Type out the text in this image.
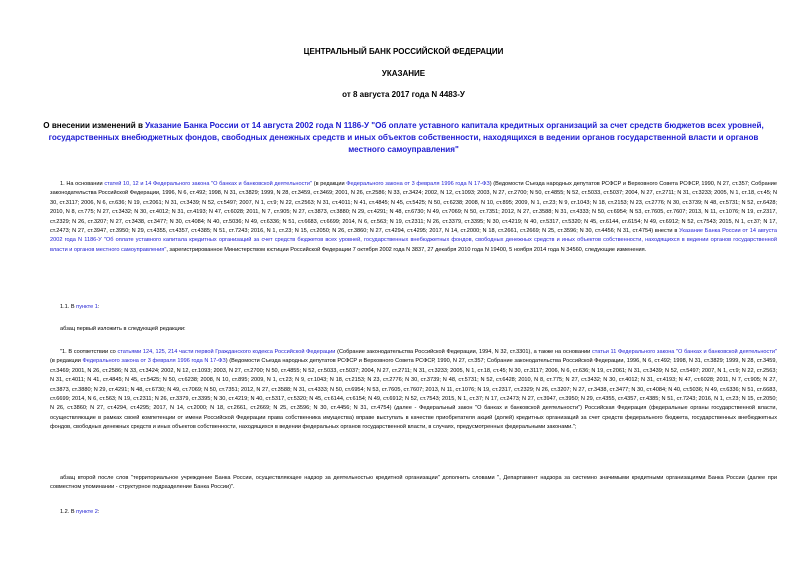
ЦЕНТРАЛЬНЫЙ БАНК РОССИЙСКОЙ ФЕДЕРАЦИИ
УКАЗАНИЕ
от 8 августа 2017 года N 4483-У
О внесении изменений в Указание Банка России от 14 августа 2002 года N 1186-У "Об оплате уставного капитала кредитных организаций за счет средств бюджетов всех уровней, государственных внебюджетных фондов, свободных денежных средств и иных объектов собственности, находящихся в ведении органов государственной власти и органов местного самоуправления"
1. На основании статей 10, 12 и 14 Федерального закона "О банках и банковской деятельности" (в редакции Федерального закона от 3 февраля 1996 года N 17-ФЗ) (Ведомости Съезда народных депутатов РСФСР и Верховного Совета РСФСР, 1990, N 27, ст.357; Собрание законодательства Российской Федерации, 1996, N 6, ст.492; 1998, N 31, ст.3829; 1999, N 28, ст.3459, ст.3469; 2001, N 26, ст.2586; N 33, ст.3424; 2002, N 12, ст.1093; 2003, N 27, ст.2700; N 50, ст.4855; N 52, ст.5033, ст.5037; 2004, N 27, ст.2711; N 31, ст.3233; 2005, N 1, ст.18, ст.45; N 30, ст.3117; 2006, N 6, ст.636; N 19, ст.2061; N 31, ст.3439; N 52, ст.5497; 2007, N 1, ст.9; N 22, ст.2563; N 31, ст.4011; N 41, ст.4845; N 45, ст.5425; N 50, ст.6238; 2008, N 10, ст.895; 2009, N 1, ст.23; N 9, ст.1043; N 18, ст.2153; N 23, ст.2776; N 30, ст.3739; N 48, ст.5731; N 52, ст.6428; 2010, N 8, ст.775; N 27, ст.3432; N 30, ст.4012; N 31, ст.4193; N 47, ст.6028; 2011, N 7, ст.905; N 27, ст.3873, ст.3880; N 29, ст.4291; N 48, ст.6730; N 49, ст.7069; N 50, ст.7351; 2012, N 27, ст.3588; N 31, ст.4333; N 50, ст.6954; N 53, ст.7605, ст.7607; 2013, N 11, ст.1076; N 19, ст.2317, ст.2329; N 26, ст.3207; N 27, ст.3438, ст.3477; N 30, ст.4084; N 40, ст.5036; N 49, ст.6336; N 51, ст.6683, ст.6699; 2014, N 6, ст.563; N 19, ст.2311; N 26, ст.3379, ст.3395; N 30, ст.4219; N 40, ст.5317, ст.5320; N 45, ст.6144, ст.6154; N 49, ст.6912; N 52, ст.7543; 2015, N 1, ст.37; N 17, ст.2473; N 27, ст.3947, ст.3950; N 29, ст.4355, ст.4357, ст.4385; N 51, ст.7243; 2016, N 1, ст.23; N 15, ст.2050; N 26, ст.3860; N 27, ст.4294, ст.4295; 2017, N 14, ст.2000; N 18, ст.2661, ст.2669; N 25, ст.3596; N 30, ст.4456; N 31, ст.4754) внести в Указание Банка России от 14 августа 2002 года N 1186-У "Об оплате уставного капитала кредитных организаций за счет средств бюджетов всех уровней, государственных внебюджетных фондов, свободных денежных средств и иных объектов собственности, находящихся в ведении органов государственной власти и органов местного самоуправления", зарегистрированное Министерством юстиции Российской Федерации 7 октября 2002 года N 3837, 27 декабря 2010 года N 19400, 5 ноября 2014 года N 34560, следующие изменения.
1.1. В пункте 1:
абзац первый изложить в следующей редакции:
"1. В соответствии со статьями 124, 125, 214 части первой Гражданского кодекса Российской Федерации (Собрание законодательства Российской Федерации, 1994, N 32, ст.3301), а также на основании статьи 11 Федерального закона "О банках и банковской деятельности" (в редакции Федерального закона от 3 февраля 1996 года N 17-ФЗ) (Ведомости Съезда народных депутатов РСФСР и Верховного Совета РСФСР, 1990, N 27, ст.357; Собрание законодательства Российской Федерации, 1996, N 6, ст.492; 1998, N 31, ст.3829; 1999, N 28, ст.3459, ст.3469; 2001, N 26, ст.2586; N 33, ст.3424; 2002, N 12, ст.1093; 2003, N 27, ст.2700; N 50, ст.4855; N 52, ст.5033, ст.5037; 2004, N 27, ст.2711; N 31, ст.3233; 2005, N 1, ст.18, ст.45; N 30, ст.3117; 2006, N 6, ст.636; N 19, ст.2061; N 31, ст.3439; N 52, ст.5497; 2007, N 1, ст.9; N 22, ст.2563; N 31, ст.4011; N 41, ст.4845; N 45, ст.5425; N 50, ст.6238; 2008, N 10, ст.895; 2009, N 1, ст.23; N 9, ст.1043; N 18, ст.2153; N 23, ст.2776; N 30, ст.3739; N 48, ст.5731; N 52, ст.6428; 2010, N 8, ст.775; N 27, ст.3432; N 30, ст.4012; N 31, ст.4193; N 47, ст.6028; 2011, N 7, ст.905; N 27, ст.3873, ст.3880; N 29, ст.4291; N 48, ст.6730; N 49, ст.7069; N 50, ст.7351; 2012, N 27, ст.3588; N 31, ст.4333; N 50, ст.6954; N 53, ст.7605, ст.7607; 2013, N 11, ст.1076; N 19, ст.2317, ст.2329; N 26, ст.3207; N 27, ст.3438, ст.3477; N 30, ст.4084; N 40, ст.5036; N 49, ст.6336; N 51, ст.6683, ст.6699; 2014, N 6, ст.563; N 19, ст.2311; N 26, ст.3379, ст.3395; N 30, ст.4219; N 40, ст.5317, ст.5320; N 45, ст.6144, ст.6154; N 49, ст.6912; N 52, ст.7543; 2015, N 1, ст.37; N 17, ст.2473; N 27, ст.3947, ст.3950; N 29, ст.4355, ст.4357, ст.4385; N 51, ст.7243; 2016, N 1, ст.23; N 15, ст.2050; N 26, ст.3860; N 27, ст.4294, ст.4295; 2017, N 14, ст.2000; N 18, ст.2661, ст.2669; N 25, ст.3596; N 30, ст.4456; N 31, ст.4754) (далее - Федеральный закон "О банках и банковской деятельности") Российская Федерация (федеральные органы государственной власти, осуществляющие в рамках своей компетенции от имени Российской Федерации права собственника имущества) вправе выступать в качестве приобретателя акций (долей) кредитных организаций за счет средств федерального бюджета, государственных внебюджетных фондов, свободных денежных средств и иных объектов собственности, находящихся в ведении федеральных органов государственной власти, в случаях, предусмотренных федеральными законами.";
абзац второй после слов "территориальное учреждение Банка России, осуществляющее надзор за деятельностью кредитной организации" дополнить словами ", Департамент надзора за системно значимыми кредитными организациями Банка России (далее при совместном упоминании - структурное подразделение Банка России)".
1.2. В пункте 2:
